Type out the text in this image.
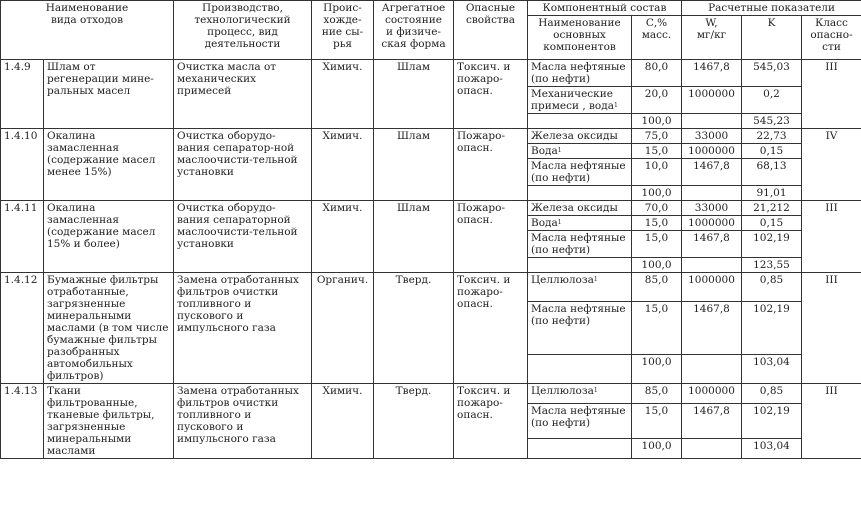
Наименование
вида отходов		Производство,
технологический
процесс, вид
деятельности	Проис-
хожде-
ние сы-
рья	Агрегатное
состояние
и физиче-
ская форма	Опасные
свойства	Компонентный состав		Расчетные показатели		
						Наименование
основных
компонентов	С,%
масс.	W,
мг/кг	K	Класс
опасно-
сти
1.4.9	Шлам от регенерации мине-ральных масел	Очистка масла от механических примесей	Химич.	Шлам	Токсич. и пожаро-опасн.	Масла нефтяные (по нефти)	80,0	1467,8	545,03	III
						Механические примеси , вода$^1$	20,0	1000000	0,2	
							100,0		545,23	
1.4.10	Окалина замасленная (содержание масел менее 15%)	Очистка оборудо-вания сепаратор-ной маслоочисти-тельной установки	Химич.	Шлам	Пожаро-опасн.	Железа оксиды	75,0	33000	22,73	IV
						Вода$^1$	15,0	1000000	0,15	
						Масла нефтяные (по нефти)	10,0	1467,8	68,13	
							100,0		91,01	
1.4.11	Окалина замасленная (содержание масел 15% и более)	Очистка оборудо-вания сепараторной маслоочисти-тельной установки	Химич.	Шлам	Пожаро-опасн.	Железа оксиды	70,0	33000	21,212	III
						Вода$^1$	15,0	1000000	0,15	
						Масла нефтяные (по нефти)	15,0	1467,8	102,19	
							100,0		123,55	
1.4.12	Бумажные фильтры отработанные, загрязненные минеральными маслами (в том числе бумажные фильтры разобранных автомобильных фильтров)	Замена отработанных фильтров очистки топливного и пускового и импульсного газа	Органич.	Тверд.	Токсич. и пожаро-опасн.	Целлюлоза$^1$	85,0	1000000	0,85	III
						Масла нефтяные (по нефти)	15,0	1467,8	102,19	
							100,0		103,04	
1.4.13	Ткани фильтрованные, тканевые фильтры, загрязненные минеральными маслами	Замена отработанных фильтров очистки топливного и пускового и импульсного газа	Химич.	Тверд.	Токсич. и пожаро-опасн.	Целлюлоза$^1$	85,0	1000000	0,85	III
						Масла нефтяные (по нефти)	15,0	1467,8	102,19	
							100,0		103,04	
